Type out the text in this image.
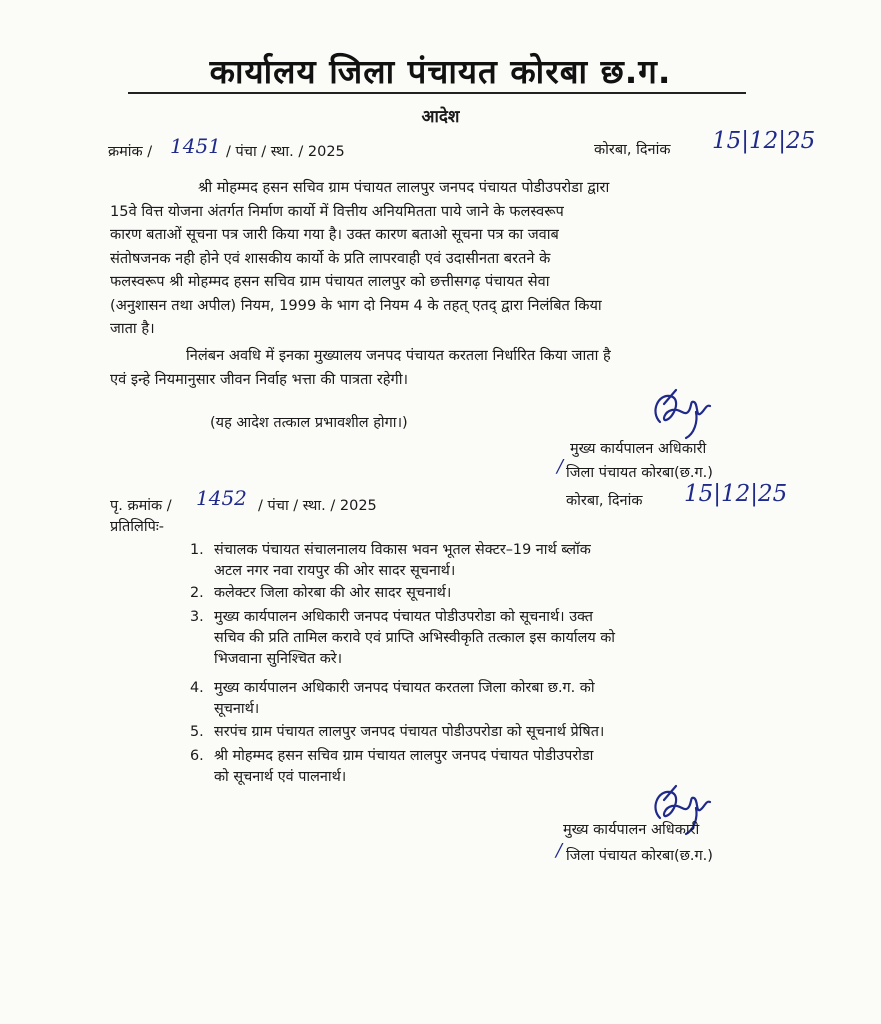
कार्यालय जिला पंचायत कोरबा छ.ग.
आदेश
क्रमांक / 1451 / पंचा / स्था. / 2025	कोरबा, दिनांक 15|12|25
श्री मोहम्मद हसन सचिव ग्राम पंचायत लालपुर जनपद पंचायत पोडीउपरोडा द्वारा
15वे वित्त योजना अंतर्गत निर्माण कार्यो में वित्तीय अनियमितता पाये जाने के फलस्वरूप
कारण बताओं सूचना पत्र जारी किया गया है। उक्त कारण बताओ सूचना पत्र का जवाब
संतोषजनक नही होने एवं शासकीय कार्यो के प्रति लापरवाही एवं उदासीनता बरतने के
फलस्वरूप श्री मोहम्मद हसन सचिव ग्राम पंचायत लालपुर को छत्तीसगढ़ पंचायत सेवा
(अनुशासन तथा अपील) नियम, 1999 के भाग दो नियम 4 के तहत् एतद् द्वारा निलंबित किया
जाता है।
निलंबन अवधि में इनका मुख्यालय जनपद पंचायत करतला निर्धारित किया जाता है
एवं इन्हे नियमानुसार जीवन निर्वाह भत्ता की पात्रता रहेगी।
(यह आदेश तत्काल प्रभावशील होगा।)
मुख्य कार्यपालन अधिकारी
/ जिला पंचायत कोरबा(छ.ग.)
पृ. क्रमांक / 1452 / पंचा / स्था. / 2025	कोरबा, दिनांक 15|12|25
प्रतिलिपिः-
1. संचालक पंचायत संचालनालय विकास भवन भूतल सेक्टर–19 नार्थ ब्लॉक
अटल नगर नवा रायपुर की ओर सादर सूचनार्थ।
2. कलेक्टर जिला कोरबा की ओर सादर सूचनार्थ।
3. मुख्य कार्यपालन अधिकारी जनपद पंचायत पोडीउपरोडा को सूचनार्थ। उक्त
सचिव की प्रति तामिल करावे एवं प्राप्ति अभिस्वीकृति तत्काल इस कार्यालय को
भिजवाना सुनिश्चित करे।
4. मुख्य कार्यपालन अधिकारी जनपद पंचायत करतला जिला कोरबा छ.ग. को
सूचनार्थ।
5. सरपंच ग्राम पंचायत लालपुर जनपद पंचायत पोडीउपरोडा को सूचनार्थ प्रेषित।
6. श्री मोहम्मद हसन सचिव ग्राम पंचायत लालपुर जनपद पंचायत पोडीउपरोडा
को सूचनार्थ एवं पालनार्थ।
मुख्य कार्यपालन अधिकारी
/ जिला पंचायत कोरबा(छ.ग.)
